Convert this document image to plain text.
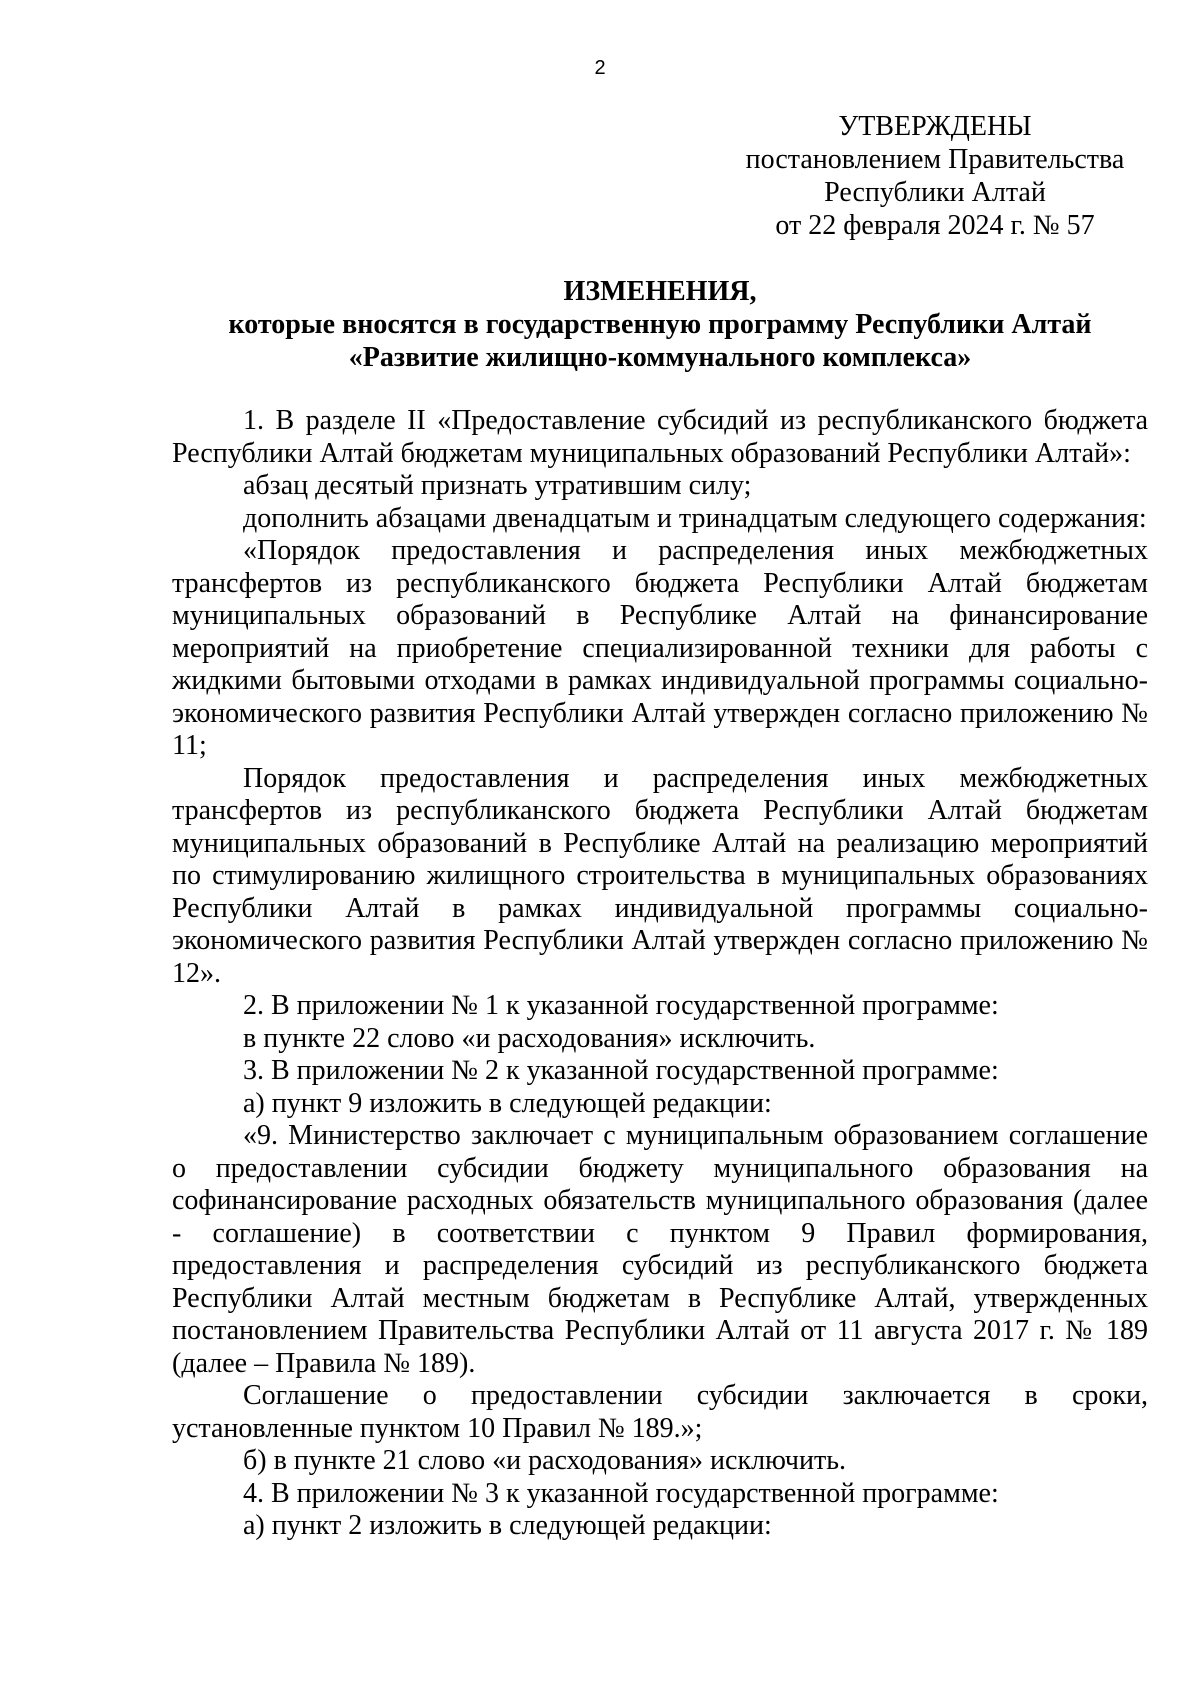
2
УТВЕРЖДЕНЫ
постановлением Правительства
Республики Алтай
от 22 февраля 2024 г. № 57
ИЗМЕНЕНИЯ,
которые вносятся в государственную программу Республики Алтай
«Развитие жилищно-коммунального комплекса»

1. В разделе II «Предоставление субсидий из республиканского бюджета Республики Алтай бюджетам муниципальных образований Республики Алтай»:

абзац десятый признать утратившим силу;

дополнить абзацами двенадцатым и тринадцатым следующего содержания:

«Порядок предоставления и распределения иных межбюджетных трансфертов из республиканского бюджета Республики Алтай бюджетам муниципальных образований в Республике Алтай на финансирование мероприятий на приобретение специализированной техники для работы с жидкими бытовыми отходами в рамках индивидуальной программы социально-экономического развития Республики Алтай утвержден согласно приложению № 11;

Порядок предоставления и распределения иных межбюджетных трансфертов из республиканского бюджета Республики Алтай бюджетам муниципальных образований в Республике Алтай на реализацию мероприятий по стимулированию жилищного строительства в муниципальных образованиях Республики Алтай в рамках индивидуальной программы социально-экономического развития Республики Алтай утвержден согласно приложению № 12».

2. В приложении № 1 к указанной государственной программе:

в пункте 22 слово «и расходования» исключить.

3. В приложении № 2 к указанной государственной программе:

а) пункт 9 изложить в следующей редакции:

«9. Министерство заключает с муниципальным образованием соглашение о предоставлении субсидии бюджету муниципального образования на софинансирование расходных обязательств муниципального образования (далее - соглашение) в соответствии с пунктом 9 Правил формирования, предоставления и распределения субсидий из республиканского бюджета Республики Алтай местным бюджетам в Республике Алтай, утвержденных постановлением Правительства Республики Алтай от 11 августа 2017 г. № 189 (далее – Правила № 189).

Соглашение о предоставлении субсидии заключается в сроки, установленные пунктом 10 Правил № 189.»;

б) в пункте 21 слово «и расходования» исключить.

4. В приложении № 3 к указанной государственной программе:

а) пункт 2 изложить в следующей редакции:
